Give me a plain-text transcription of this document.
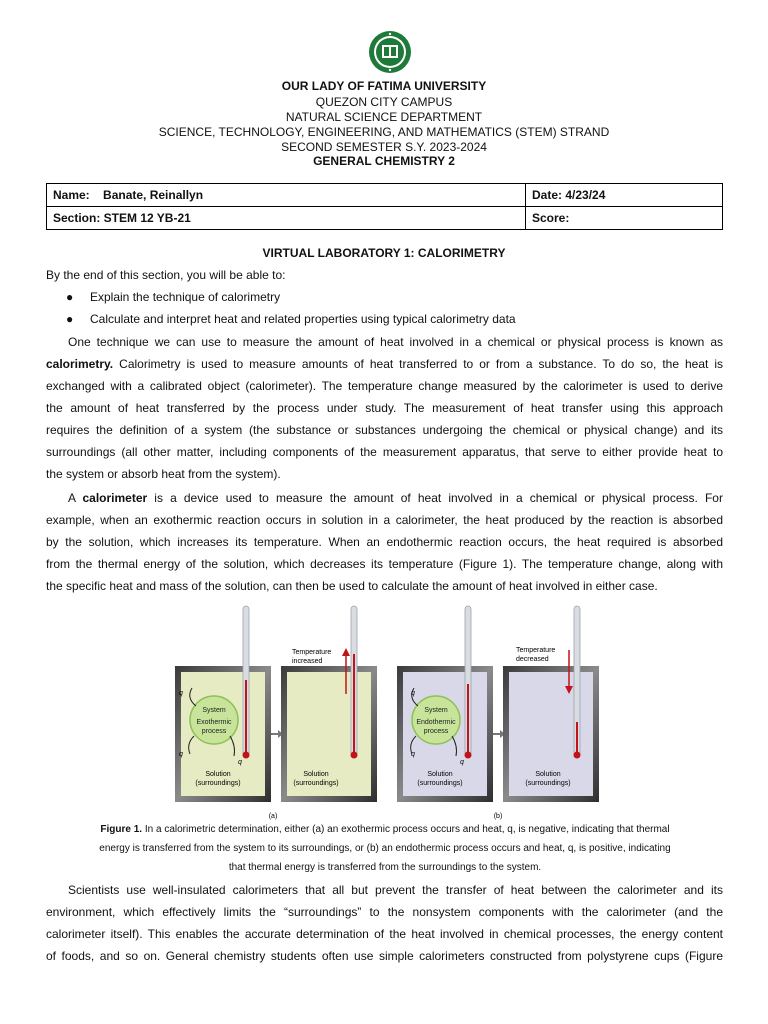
OUR LADY OF FATIMA UNIVERSITY
QUEZON CITY CAMPUS
NATURAL SCIENCE DEPARTMENT
SCIENCE, TECHNOLOGY, ENGINEERING, AND MATHEMATICS (STEM) STRAND
SECOND SEMESTER S.Y. 2023-2024
GENERAL CHEMISTRY 2
Name: Banate, Reinallyn	Date: 4/23/24
Section: STEM 12 YB-21	Score:
VIRTUAL LABORATORY 1: CALORIMETRY
By the end of this section, you will be able to:
● Explain the technique of calorimetry
● Calculate and interpret heat and related properties using typical calorimetry data
One technique we can use to measure the amount of heat involved in a chemical or physical process is known as
calorimetry. Calorimetry is used to measure amounts of heat transferred to or from a substance. To do so, the heat is
exchanged with a calibrated object (calorimeter). The temperature change measured by the calorimeter is used to derive
the amount of heat transferred by the process under study. The measurement of heat transfer using this approach
requires the definition of a system (the substance or substances undergoing the chemical or physical change) and its
surroundings (all other matter, including components of the measurement apparatus, that serve to either provide heat to
the system or absorb heat from the system).
A calorimeter is a device used to measure the amount of heat involved in a chemical or physical process. For
example, when an exothermic reaction occurs in solution in a calorimeter, the heat produced by the reaction is absorbed
by the solution, which increases its temperature. When an endothermic reaction occurs, the heat required is absorbed
from the thermal energy of the solution, which decreases its temperature (Figure 1). The temperature change, along with
the specific heat and mass of the solution, can then be used to calculate the amount of heat involved in either case.
System
Exothermic
process
q
q
q
Solution
(surroundings)
Solution
(surroundings)
Temperature
increased
System
Endothermic
process
q
q
q
Solution
(surroundings)
Solution
(surroundings)
Temperature
decreased
(a)	(b)
Figure 1. In a calorimetric determination, either (a) an exothermic process occurs and heat, q, is negative, indicating that thermal
energy is transferred from the system to its surroundings, or (b) an endothermic process occurs and heat, q, is positive, indicating
that thermal energy is transferred from the surroundings to the system.
Scientists use well-insulated calorimeters that all but prevent the transfer of heat between the calorimeter and its
environment, which effectively limits the “surroundings” to the nonsystem components with the calorimeter (and the
calorimeter itself). This enables the accurate determination of the heat involved in chemical processes, the energy content
of foods, and so on. General chemistry students often use simple calorimeters constructed from polystyrene cups (Figure
